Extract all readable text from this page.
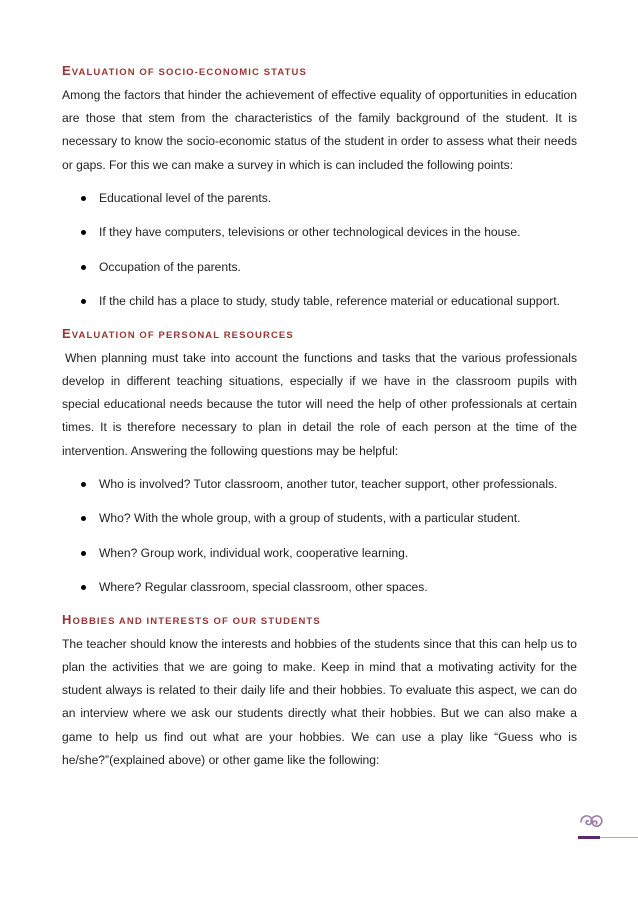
EVALUATION OF SOCIO-ECONOMIC STATUS

Among the factors that hinder the achievement of effective equality of opportunities in education are those that stem from the characteristics of the family background of the student. It is necessary to know the socio-economic status of the student in order to assess what their needs or gaps. For this we can make a survey in which is can included the following points:

Educational level of the parents.
If they have computers, televisions or other technological devices in the house.
Occupation of the parents.
If the child has a place to study, study table, reference material or educational support.
EVALUATION OF PERSONAL RESOURCES

When planning must take into account the functions and tasks that the various professionals develop in different teaching situations, especially if we have in the classroom pupils with special educational needs because the tutor will need the help of other professionals at certain times. It is therefore necessary to plan in detail the role of each person at the time of the intervention. Answering the following questions may be helpful:

Who is involved? Tutor classroom, another tutor, teacher support, other professionals.
Who? With the whole group, with a group of students, with a particular student.
When? Group work, individual work, cooperative learning.
Where? Regular classroom, special classroom, other spaces.
HOBBIES AND INTERESTS OF OUR STUDENTS

The teacher should know the interests and hobbies of the students since that this can help us to plan the activities that we are going to make. Keep in mind that a motivating activity for the student always is related to their daily life and their hobbies. To evaluate this aspect, we can do an interview where we ask our students directly what their hobbies. But we can also make a game to help us find out what are your hobbies. We can use a play like “Guess who is he/she?”(explained above) or other game like the following:
